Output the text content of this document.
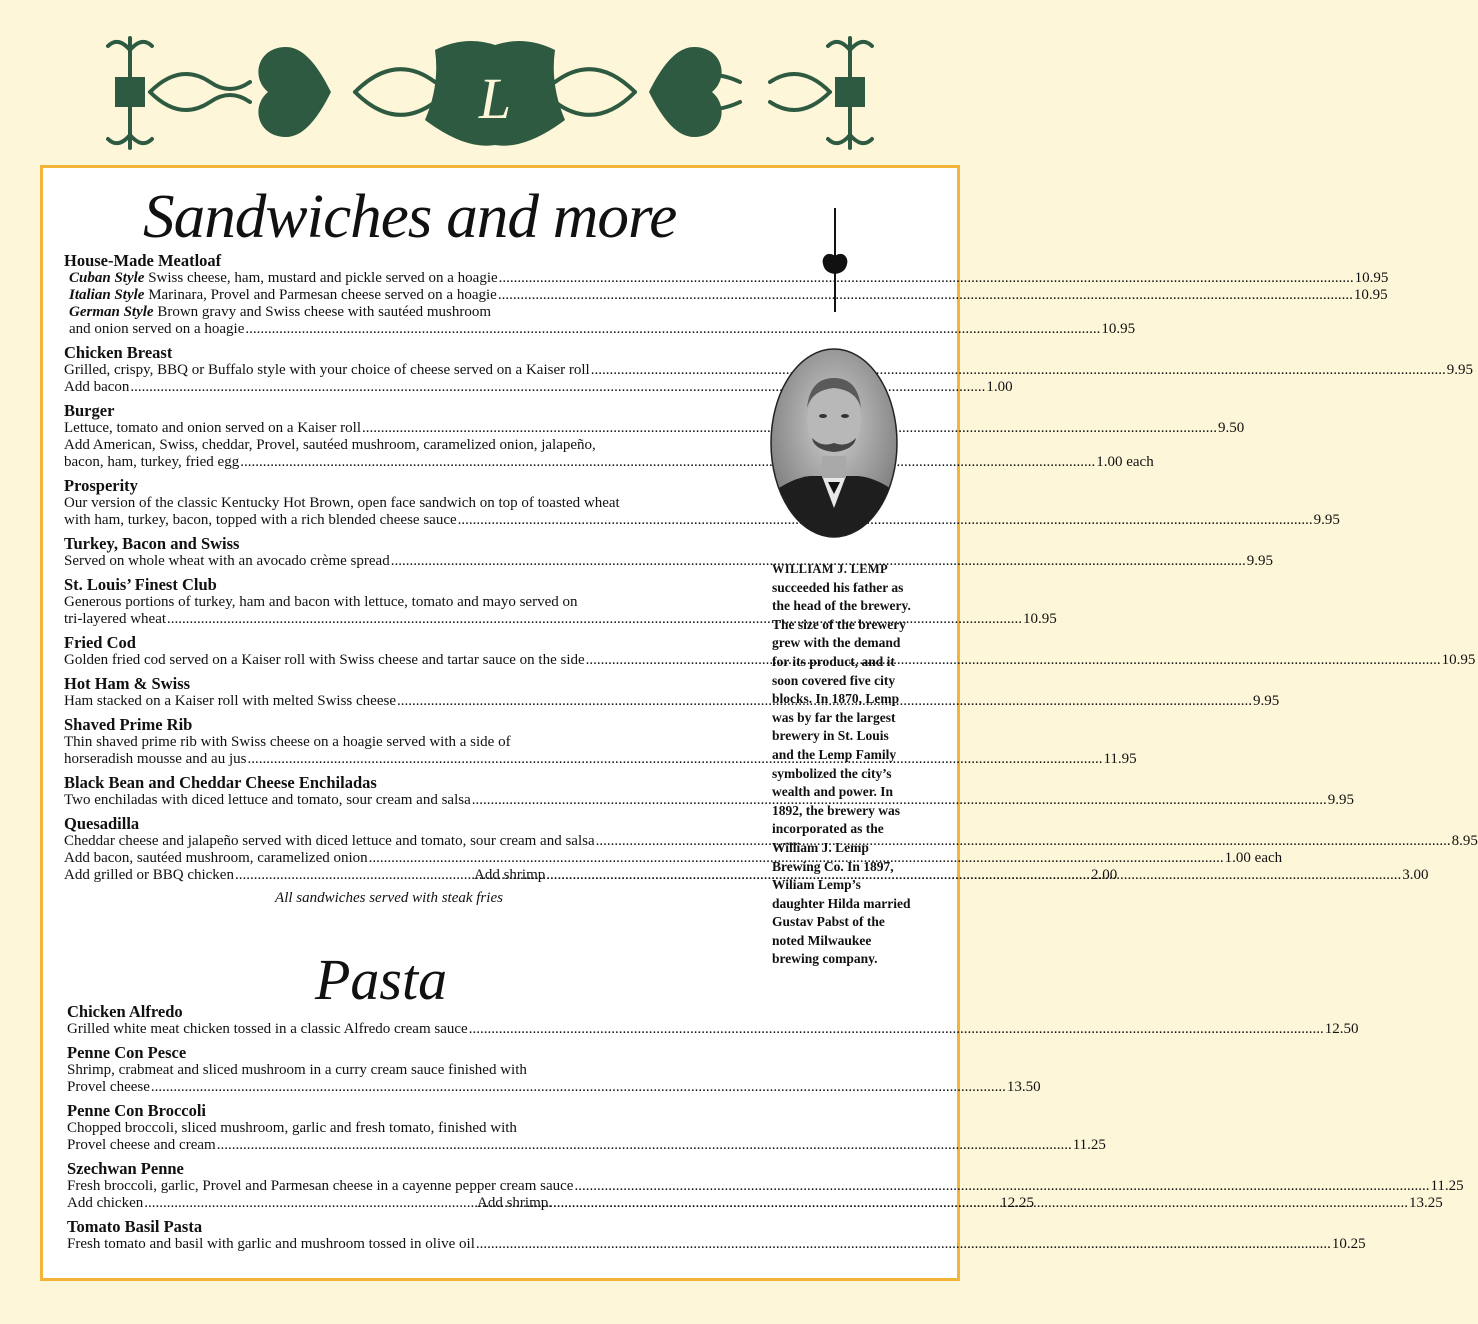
L
Sandwiches and more
House-Made Meatloaf
Cuban Style Swiss cheese, ham, mustard and pickle served on a hoagie .....	10.95
Italian Style Marinara, Provel and Parmesan cheese served on a hoagie .....	10.95
German Style Brown gravy and Swiss cheese with sautéed mushroom
and onion served on a hoagie .....	10.95
Chicken Breast
Grilled, crispy, BBQ or Buffalo style with your choice of cheese served on a Kaiser roll .....	9.95
Add bacon .....	1.00
Burger
Lettuce, tomato and onion served on a Kaiser roll .....	9.50
Add American, Swiss, cheddar, Provel, sautéed mushroom, caramelized onion, jalapeño,
bacon, ham, turkey, fried egg .....	1.00 each
Prosperity
Our version of the classic Kentucky Hot Brown, open face sandwich on top of toasted wheat
with ham, turkey, bacon, topped with a rich blended cheese sauce .....	9.95
Turkey, Bacon and Swiss
Served on whole wheat with an avocado crème spread .....	9.95
St. Louis’ Finest Club
Generous portions of turkey, ham and bacon with lettuce, tomato and mayo served on
tri-layered wheat .....	10.95
Fried Cod
Golden fried cod served on a Kaiser roll with Swiss cheese and tartar sauce on the side .....	10.95
Hot Ham & Swiss
Ham stacked on a Kaiser roll with melted Swiss cheese .....	9.95
Shaved Prime Rib
Thin shaved prime rib with Swiss cheese on a hoagie served with a side of
horseradish mousse and au jus .....	11.95
Black Bean and Cheddar Cheese Enchiladas
Two enchiladas with diced lettuce and tomato, sour cream and salsa .....	9.95
Quesadilla
Cheddar cheese and jalapeño served with diced lettuce and tomato, sour cream and salsa .....	8.95
Add bacon, sautéed mushroom, caramelized onion .....	1.00 each
Add grilled or BBQ chicken .....	2.00
Add shrimp .....	3.00
All sandwiches served with steak fries
Pasta
Chicken Alfredo
Grilled white meat chicken tossed in a classic Alfredo cream sauce .....	12.50
Penne Con Pesce
Shrimp, crabmeat and sliced mushroom in a curry cream sauce finished with
Provel cheese .....	13.50
Penne Con Broccoli
Chopped broccoli, sliced mushroom, garlic and fresh tomato, finished with
Provel cheese and cream .....	11.25
Szechwan Penne
Fresh broccoli, garlic, Provel and Parmesan cheese in a cayenne pepper cream sauce .....	11.25
Add chicken .....	12.25
Add shrimp. .....	13.25
Tomato Basil Pasta
Fresh tomato and basil with garlic and mushroom tossed in olive oil .....	10.25
WILLIAM J. LEMP succeeded his father as the head of the brewery. The size of the brewery grew with the demand for its product, and it soon covered five city blocks. In 1870, Lemp was by far the largest brewery in St. Louis and the Lemp Family symbolized the city’s wealth and power. In 1892, the brewery was incorporated as the William J. Lemp Brewing Co. In 1897, Wiliam Lemp’s daughter Hilda married Gustav Pabst of the noted Milwaukee brewing company.
